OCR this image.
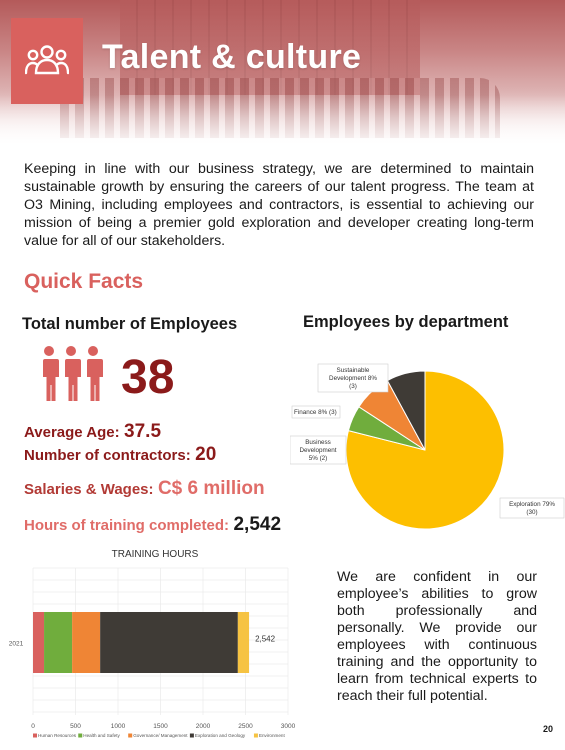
Talent & culture

Keeping in line with our business strategy, we are determined to maintain sustainable growth by ensuring the careers of our talent progress. The team at O3 Mining, including employees and contractors, is essential to achieving our mission of being a premier gold exploration and developer creating long-term value for all of our stakeholders.

Quick Facts
Total number of Employees	Employees by department
38
Average Age: 37.5
Number of contractors: 20
Salaries & Wages: C$ 6 million
Hours of training completed: 2,542
Exploration 79%
(30)
Business
Development
5% (2)
Finance 8% (3)
Sustainable
Development 8%
(3)
TRAINING HOURS
0	500	1000	1500	2000	2500	3000
2021
2,542
Human Resources Health and Safety	Governance/ Management Exploration and Geology	Environment

We are confident in our employee’s abilities to grow both professionally and personally. We provide our employees with continuous training and the opportunity to learn from technical experts to reach their full potential.

20
